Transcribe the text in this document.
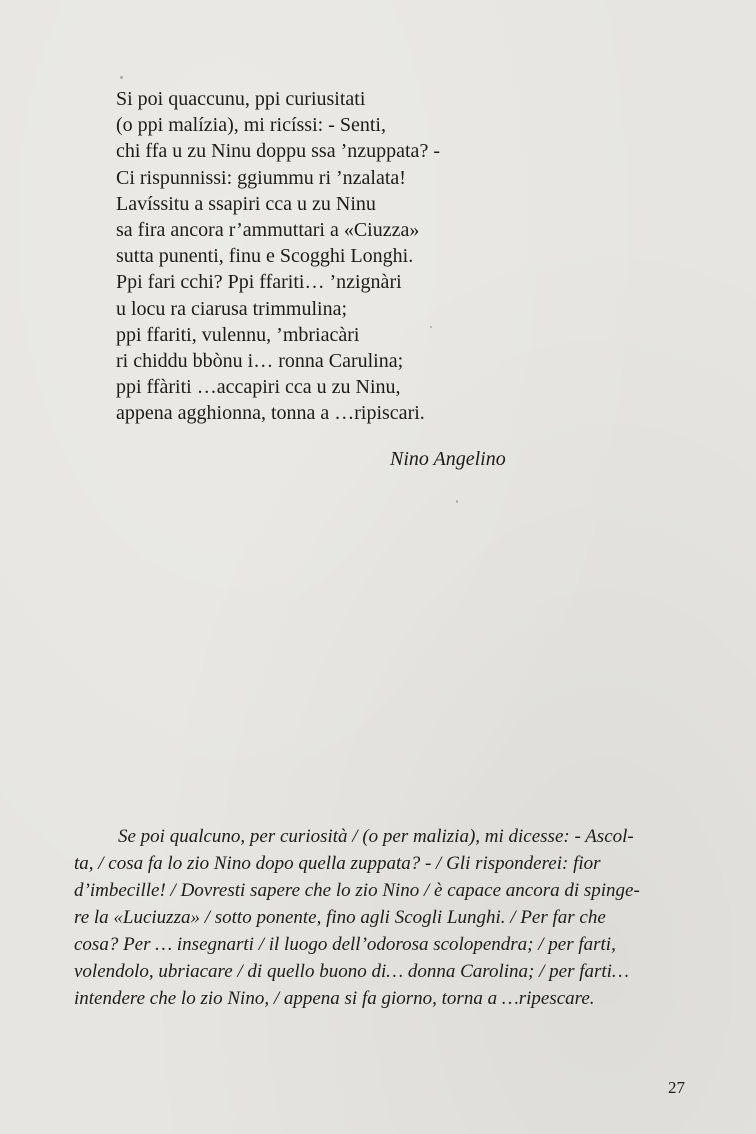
Si poi quaccunu, ppi curiusitati
(o ppi malízia), mi ricíssi: - Senti,
chi ffa u zu Ninu doppu ssa ’nzuppata? -
Ci rispunnissi: ggiummu ri ’nzalata!
Lavíssitu a ssapiri cca u zu Ninu
sa fira ancora r’ammuttari a «Ciuzza»
sutta punenti, finu e Scogghi Longhi.
Ppi fari cchi? Ppi ffariti… ’nzignàri
u locu ra ciarusa trimmulina;
ppi ffariti, vulennu, ’mbriacàri
ri chiddu bbònu i… ronna Carulina;
ppi ffàriti …accapiri cca u zu Ninu,
appena agghionna, tonna a …ripiscari.
Nino Angelino
Se poi qualcuno, per curiosità / (o per malizia), mi dicesse: - Ascol-
ta, / cosa fa lo zio Nino dopo quella zuppata? - / Gli risponderei: fior
d’imbecille! / Dovresti sapere che lo zio Nino / è capace ancora di spinge-
re la «Luciuzza» / sotto ponente, fino agli Scogli Lunghi. / Per far che
cosa? Per … insegnarti / il luogo dell’odorosa scolopendra; / per farti,
volendolo, ubriacare / di quello buono di… donna Carolina; / per farti…
intendere che lo zio Nino, / appena si fa giorno, torna a …ripescare.
27
